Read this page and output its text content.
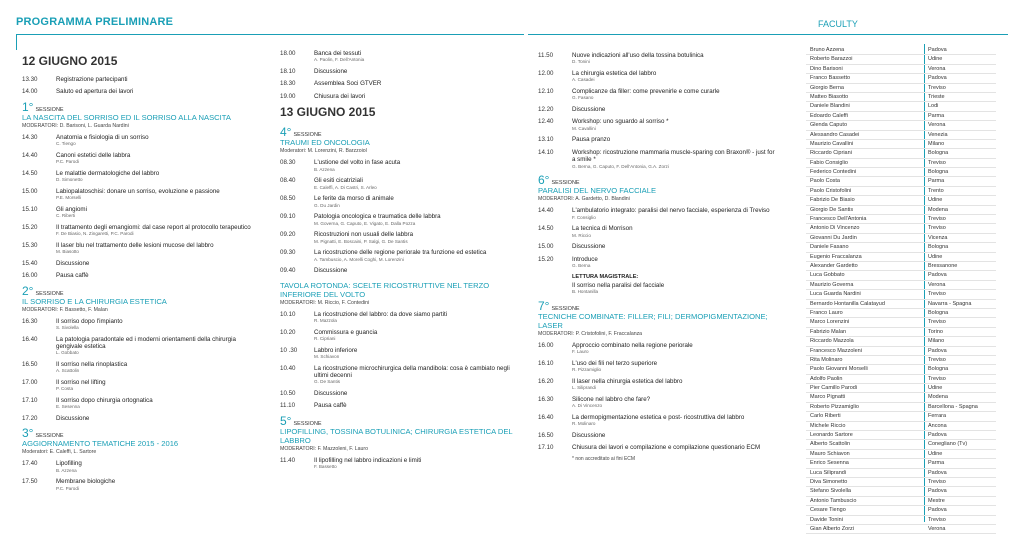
PROGRAMMA PRELIMINARE	FACULTY
12 GIUGNO 2015
13.30	Registrazione partecipanti
14.00	Saluto ed apertura dei lavori
1° SESSIONE
LA NASCITA DEL SORRISO ED IL SORRISO ALLA NASCITA
MODERATORI: D. Barisoni, L. Guarda Nardini
14.30	Anatomia e fisiologia di un sorriso
C. Tiengo
14.40	Canoni estetici delle labbra
P.C. Parodi
14.50	Le malattie dermatologiche del labbro
D. Simonetto
15.00	Labiopalatoschisi: donare un sorriso, evoluzione e passione
P.E. Morselli
15.10	Gli angiomi
C. Riberti
15.20	Il trattamento degli emangiomi: dal case report al protocollo terapeutico
F. De Biasio, N. Zingaretti, P.C. Parodi
15.30	Il laser blu nel trattamento delle lesioni mucose del labbro
M. Biasotto
15.40	Discussione
16.00	Pausa caffè
2° SESSIONE
IL SORRISO E LA CHIRURGIA ESTETICA
MODERATORI: F. Bassetto, F. Malan
16.30	Il sorriso dopo l'impianto
S. Sivolella
16.40	La patologia paradontale ed i moderni orientamenti della chirurgia gengivale estetica
L. Gobbato
16.50	Il sorriso nella rinoplastica
A. Scattolin
17.00	Il sorriso nel lifting
P. Costa
17.10	Il sorriso dopo chirurgia ortognatica
E. Sesenna
17.20	Discussione
3° SESSIONE
AGGIORNAMENTO TEMATICHE 2015 - 2016
Moderatori: E. Caleffi, L. Sartore
17.40	Lipofilling
B. Azzena
17.50	Membrane biologiche
P.C. Parodi
18.00	Banca dei tessuti
A. Paolin, F. Dell'Antonia
18.10	Discussione
18.30	Assemblea Soci GTVER
19.00	Chiusura dei lavori
13 GIUGNO 2015
4° SESSIONE
TRAUMI ED ONCOLOGIA
Moderatori: M. Lorenzini, R. Barzzoiol
08.30	L'ustione del volto in fase acuta
B. Azzena
08.40	Gli esiti cicatriziali
E. Caleffi, A. Di Castri, S. Arleo
08.50	Le ferite da morso di animale
G. Du Jardin
09.10	Patologia oncologica e traumatica delle labbra
M. Governa, G. Caputo, E. Vigato, E. Dalla Pozza
09.20	Ricostruzioni non usuali delle labbra
M. Pignatti, E. Boscaini, P. Salgi, G. De Santis
09.30	La ricostruzione delle regione periorale tra funzione ed estetica
A. Tambuscio, A. Morelli Coghi, M. Lorenzini
09.40	Discussione
TAVOLA ROTONDA: SCELTE RICOSTRUTTIVE NEL TERZO INFERIORE DEL VOLTO
MODERATORI: M. Riccio, F. Contedini
10.10	La ricostruzione del labbro: da dove siamo partiti
R. Mazzola
10.20	Commissura e guancia
R. Cipriani
10 .30	Labbro inferiore
M. Schiavon
10.40	La ricostruzione microchirurgica della mandibola: cosa è cambiato negli ultimi decenni
G. De Santis
10.50	Discussione
11.10	Pausa caffè
5° SESSIONE
LIPOFILLING, TOSSINA BOTULINICA; CHIRURGIA ESTETICA DEL LABBRO
MODERATORI: F. Mazzoleni, F. Lauro
11.40	Il lipofilling nel labbro indicazioni e limiti
F. Bassetto
11.50	Nuove indicazioni all'uso della tossina botulinica
D. Tonini
12.00	La chirurgia estetica del labbro
A. Casadei
12.10	Complicanze da filler: come prevenirle e come curarle
G. Fasano
12.20	Discussione
12.40	Workshop: uno sguardo al sorriso *
M. Cavallini
13.10	Pausa pranzo
14.10	Workshop: ricostruzione mammaria muscle-sparing con Braxon® - just for a smile *
G. Berna, G. Caputo, F. Dell'Antonia, G.A. Zorzi
6° SESSIONE
PARALISI DEL NERVO FACCIALE
MODERATORI: A. Gardetto, D. Blandini
14.40	L'ambulatorio integrato: paralisi del nervo facciale, esperienza di Treviso
F. Consiglio
14.50	La tecnica di Morrison
M. Riccio
15.00	Discussione
15.20	Introduce
G. Berna
LETTURA MAGISTRALE:
Il sorriso nella paralisi del facciale
B. Hontanilla
7° SESSIONE
TECNICHE COMBINATE: FILLER; FILI; DERMOPIGMENTAZIONE; LASER
MODERATORI: P. Cristofolini, F. Fraccalanza
16.00	Approccio combinato nella regione periorale
F. Lauro
16.10	L'uso dei fili nel terzo superiore
R. Pizzamiglio
16.20	Il laser nella chirurgia estetica del labbro
L. Siliprandi
16.30	Silicone nel labbro che fare?
A. Di Vincenzo
16.40	La dermopigmentazione estetica e post- ricostruttiva del labbro
R. Molinaro
16.50	Discussione
17.10	Chiusura dei lavori e compilazione e compilazione questionario ECM
* non accreditato ai fini ECM
Bruno Azzena	Padova
Roberto Barazzoi	Udine
Dino Barisoni	Verona
Franco Bassetto	Padova
Giorgio Berna	Treviso
Matteo Biasotto	Trieste
Daniele Blandini	Lodi
Edoardo Caleffi	Parma
Glenda Caputo	Verona
Alessandro Casadei	Venezia
Maurizio Cavallini	Milano
Riccardo Cipriani	Bologna
Fabio Consiglio	Treviso
Federico Contedini	Bologna
Paolo Costa	Parma
Paolo Cristofolini	Trento
Fabrizio De Biasio	Udine
Giorgio De Santis	Modena
Francesco Dell'Antonia	Treviso
Antonio Di Vincenzo	Treviso
Giovanni Du Jardin	Vicenza
Daniele Fasano	Bologna
Eugenio Fraccalanza	Udine
Alexander Gardetto	Bressanone
Luca Gobbato	Padova
Maurizio Governa	Verona
Luca Guarda Nardini	Treviso
Bernardo Hontanilla Calatayud	Navarra - Spagna
Franco Lauro	Bologna
Marco Lorenzini	Treviso
Fabrizio Malan	Torino
Riccardo Mazzola	Milano
Francesco Mazzoleni	Padova
Rita Molinaro	Treviso
Paolo Giovanni Morselli	Bologna
Adolfo Paolin	Treviso
Pier Camillo Parodi	Udine
Marco Pignatti	Modena
Roberto Pizzamiglio	Barcellona - Spagna
Carlo Riberti	Ferrara
Michele Riccio	Ancona
Leonardo Sartore	Padova
Alberto Scattolin	Conegliano (Tv)
Mauro Schiavon	Udine
Enrico Sesenna	Parma
Luca Siliprandi	Padova
Diva Simonetto	Treviso
Stefano Sivolella	Padova
Antonio Tambuscio	Mestre
Cesare Tiengo	Padova
Davide Tonini	Treviso
Gian Alberto Zorzi	Verona
